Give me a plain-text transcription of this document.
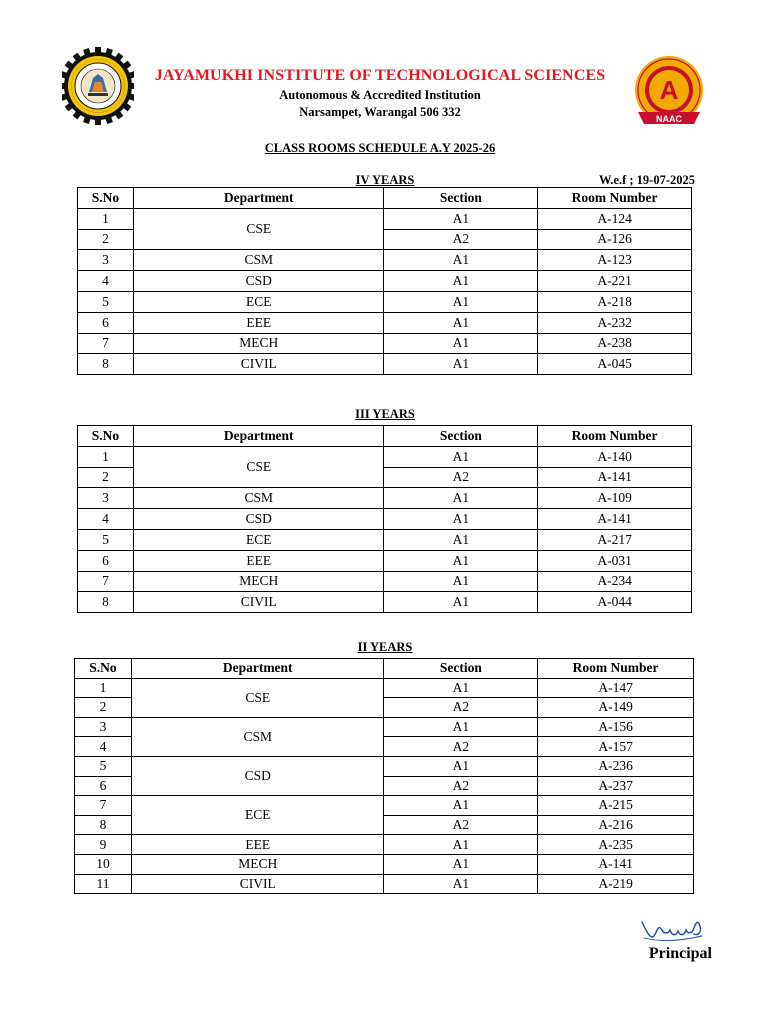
JAYAMUKHI INSTITUTE OF TECHNOLOGICAL SCIENCES
Autonomous & Accredited Institution
Narsampet, Warangal 506 332
A
NAAC
CLASS ROOMS SCHEDULE A.Y 2025-26
IV YEARS	W.e.f ; 19-07-2025
S.No	Department	Section	Room Number
1	CSE	A1	A-124
2		A2	A-126
3	CSM	A1	A-123
4	CSD	A1	A-221
5	ECE	A1	A-218
6	EEE	A1	A-232
7	MECH	A1	A-238
8	CIVIL	A1	A-045
III YEARS
S.No	Department	Section	Room Number
1	CSE	A1	A-140
2		A2	A-141
3	CSM	A1	A-109
4	CSD	A1	A-141
5	ECE	A1	A-217
6	EEE	A1	A-031
7	MECH	A1	A-234
8	CIVIL	A1	A-044
II YEARS
S.No	Department	Section	Room Number
1	CSE	A1	A-147
2		A2	A-149
3	CSM	A1	A-156
4		A2	A-157
5	CSD	A1	A-236
6		A2	A-237
7	ECE	A1	A-215
8		A2	A-216
9	EEE	A1	A-235
10	MECH	A1	A-141
11	CIVIL	A1	A-219
Principal
